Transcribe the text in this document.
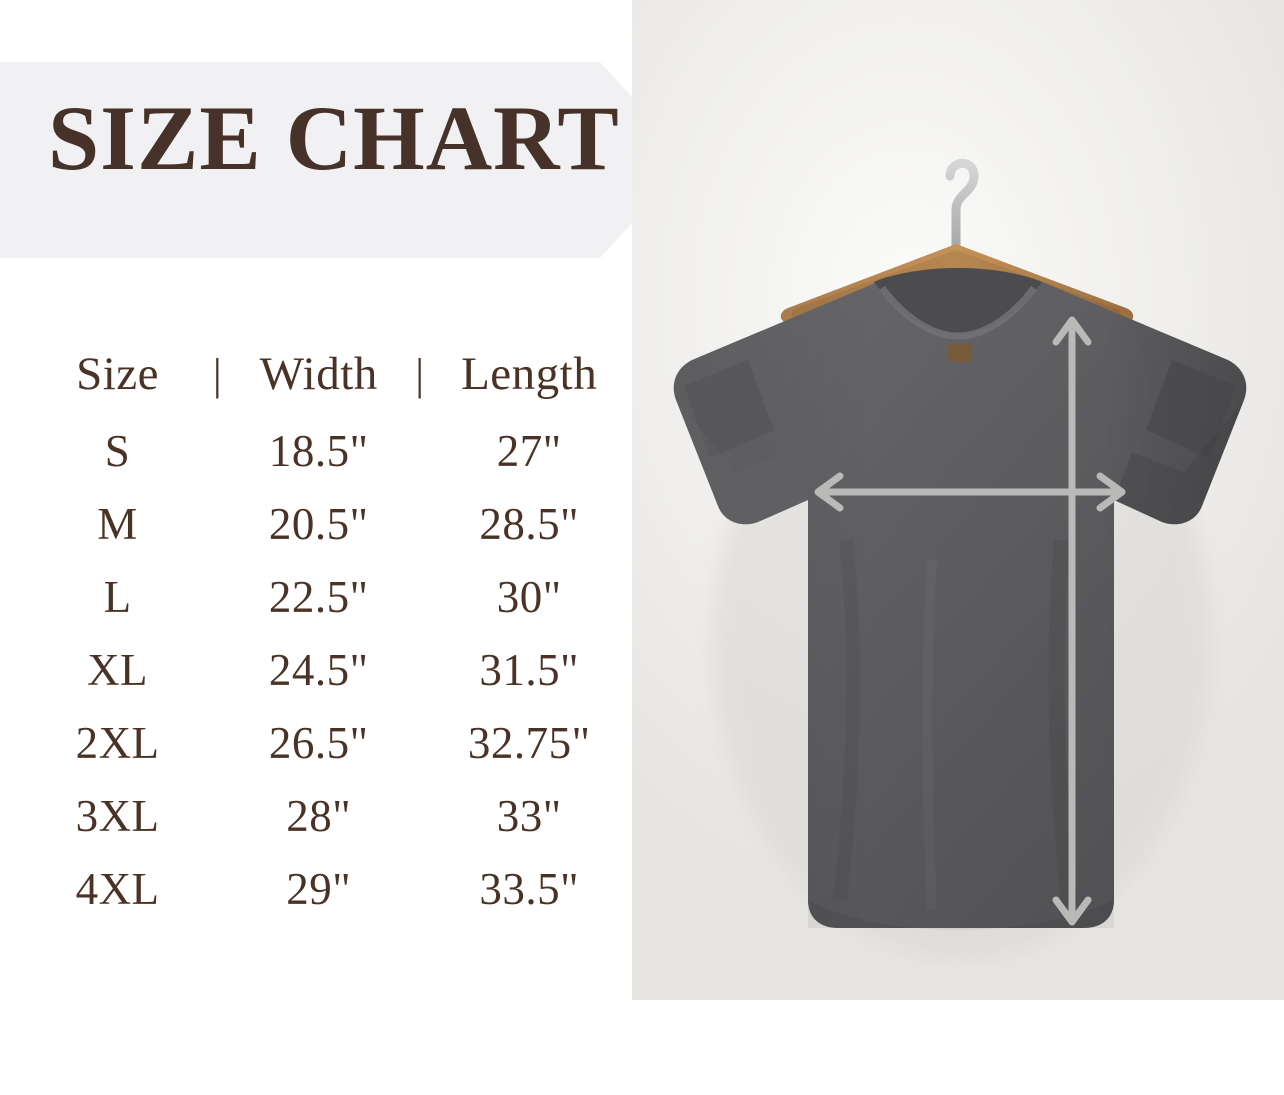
SIZE CHART
Size	|	Width	|	Length
S		18.5"		27"
M		20.5"		28.5"
L		22.5"		30"
XL		24.5"		31.5"
2XL		26.5"		32.75"
3XL		28"		33"
4XL		29"		33.5"
